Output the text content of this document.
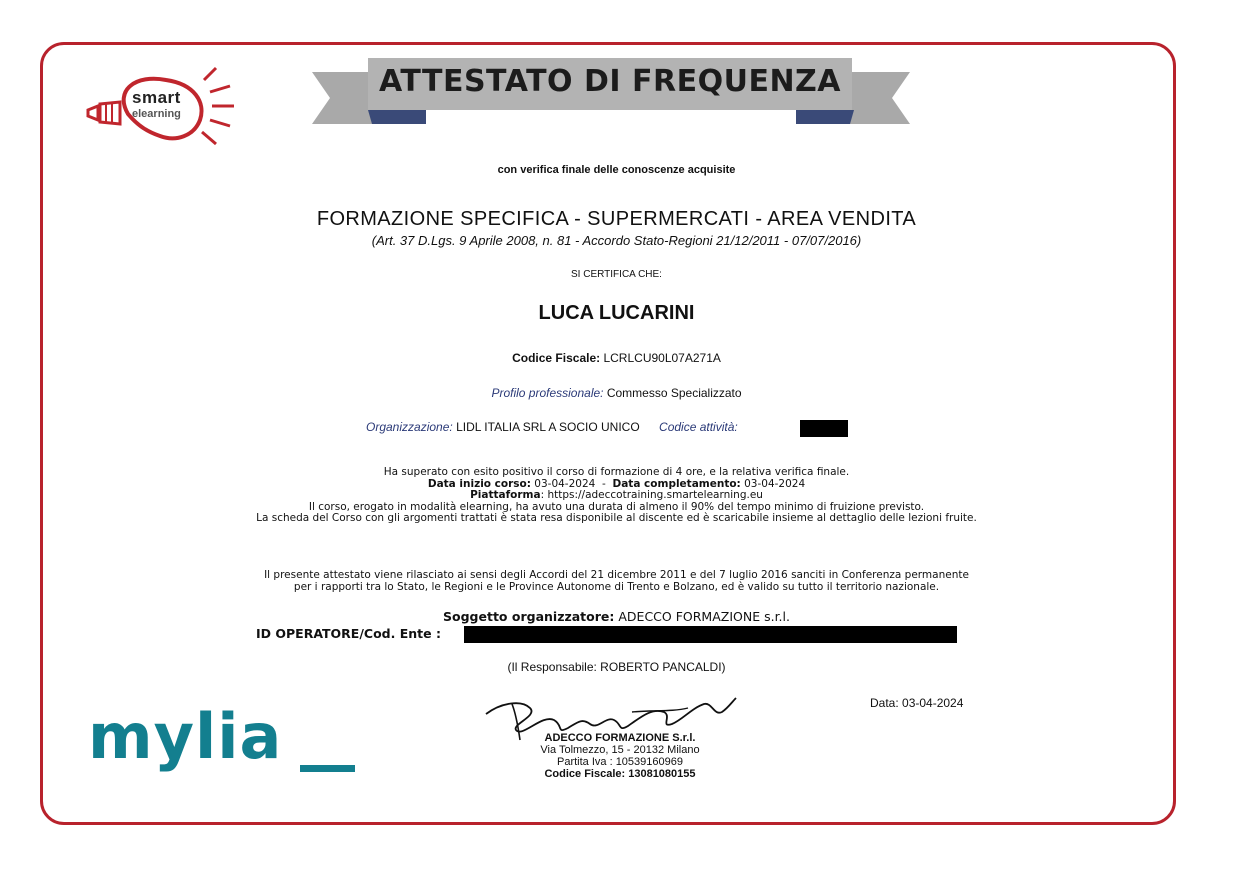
smart
elearning
ATTESTATO DI FREQUENZA
con verifica finale delle conoscenze acquisite
FORMAZIONE SPECIFICA - SUPERMERCATI - AREA VENDITA
(Art. 37 D.Lgs. 9 Aprile 2008, n. 81 - Accordo Stato-Regioni 21/12/2011 - 07/07/2016)
SI CERTIFICA CHE:
LUCA LUCARINI
Codice Fiscale: LCRLCU90L07A271A
Profilo professionale: Commesso Specializzato
Organizzazione: LIDL ITALIA SRL A SOCIO UNICO Codice attività:
Ha superato con esito positivo il corso di formazione di 4 ore, e la relativa verifica finale.
Data inizio corso: 03-04-2024 - Data completamento: 03-04-2024
Piattaforma: https://adeccotraining.smartelearning.eu
Il corso, erogato in modalità elearning, ha avuto una durata di almeno il 90% del tempo minimo di fruizione previsto.
La scheda del Corso con gli argomenti trattati è stata resa disponibile al discente ed è scaricabile insieme al dettaglio delle lezioni fruite.
Il presente attestato viene rilasciato ai sensi degli Accordi del 21 dicembre 2011 e del 7 luglio 2016 sanciti in Conferenza permanente
per i rapporti tra lo Stato, le Regioni e le Province Autonome di Trento e Bolzano, ed è valido su tutto il territorio nazionale.
Soggetto organizzatore: ADECCO FORMAZIONE s.r.l.
ID OPERATORE/Cod. Ente :
(Il Responsabile: ROBERTO PANCALDI)
Data: 03-04-2024
ADECCO FORMAZIONE S.r.l.
Via Tolmezzo, 15 - 20132 Milano
Partita Iva : 10539160969
Codice Fiscale: 13081080155
mylia
